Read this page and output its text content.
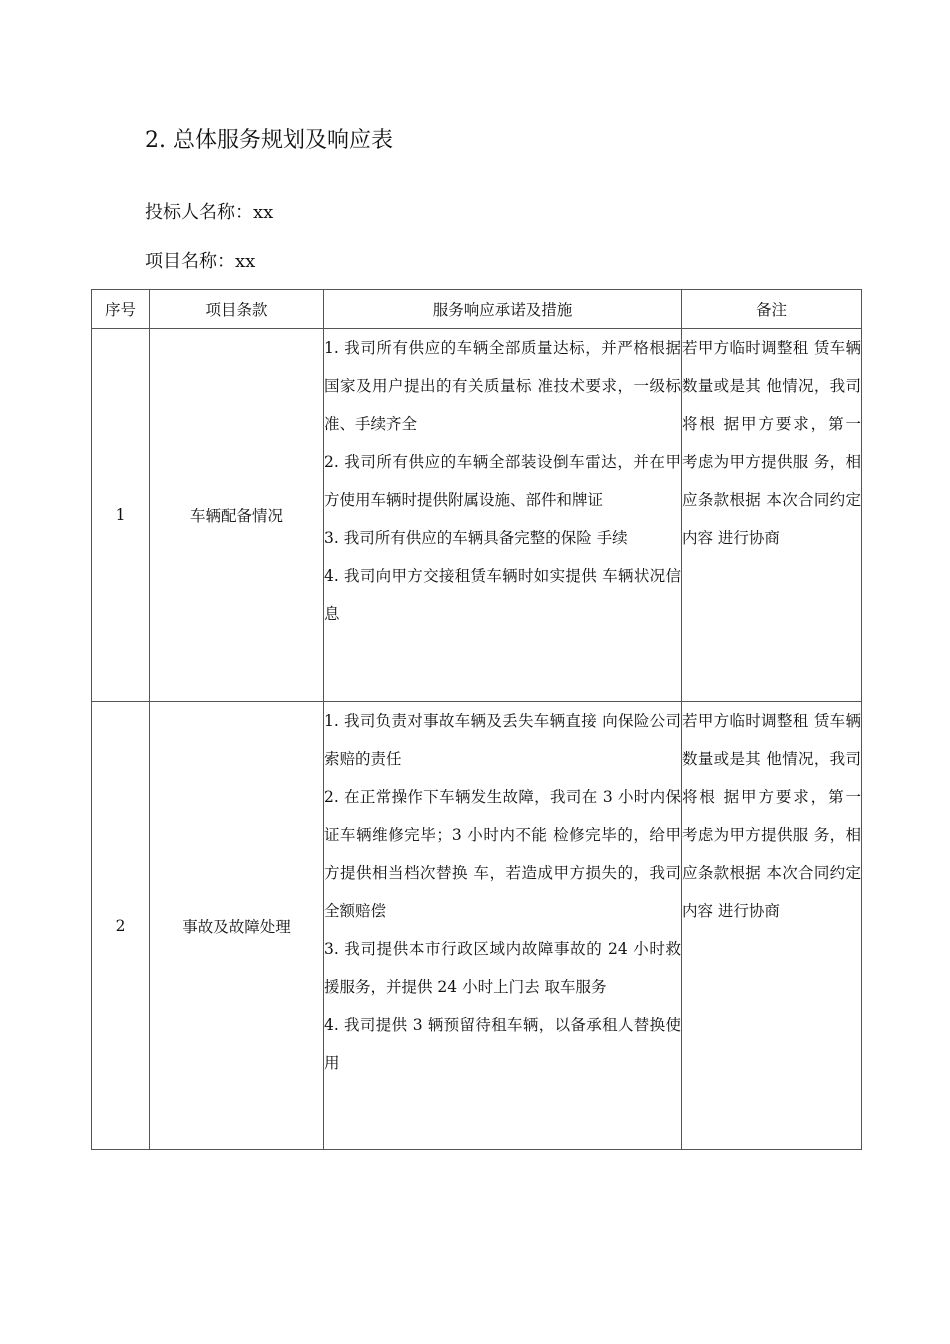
2. 总体服务规划及响应表
投标人名称：xx
项目名称：xx
序号	项目条款	服务响应承诺及措施	备注
1	车辆配备情况	1. 我司所有供应的车辆全部质量达标，并严格根据国家及用户提出的有关质量标 准技术要求，一级标准、手续齐全
2. 我司所有供应的车辆全部装设倒车雷达，并在甲方使用车辆时提供附属设施、部件和牌证
3. 我司所有供应的车辆具备完整的保险 手续
4. 我司向甲方交接租赁车辆时如实提供 车辆状况信息	若甲方临时调整租 赁车辆数量或是其 他情况，我司将根 据甲方要求，第一 考虑为甲方提供服 务，相应条款根据 本次合同约定内容 进行协商

2	事故及故障处理	1. 我司负责对事故车辆及丢失车辆直接 向保险公司索赔的责任
2. 在正常操作下车辆发生故障，我司在 3 小时内保证车辆维修完毕；3 小时内不能 检修完毕的，给甲方提供相当档次替换 车，若造成甲方损失的，我司全额赔偿
3. 我司提供本市行政区域内故障事故的 24 小时救援服务，并提供 24 小时上门去 取车服务
4. 我司提供 3 辆预留待租车辆，以备承租人替换使用	若甲方临时调整租 赁车辆数量或是其 他情况，我司将根 据甲方要求，第一 考虑为甲方提供服 务，相应条款根据 本次合同约定内容 进行协商
